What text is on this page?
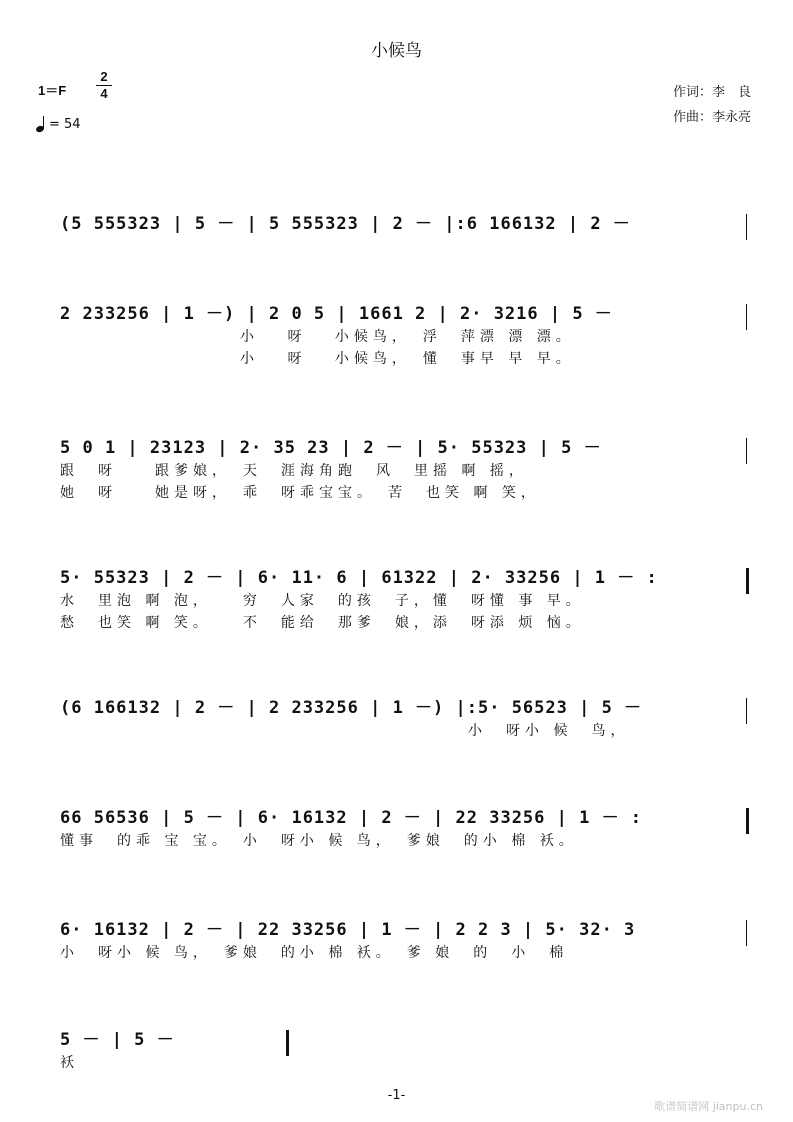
小候鸟
1＝F
2
4
= 54
作词：李　良
作曲：李永亮
(5 555323 | 5 － | 5 555323 | 2 － |:6 166132 | 2 －
2 233256 | 1 －) | 2 0 5 | 1661 2 | 2· 3216 | 5 －
小　 呀　 小候鸟，　浮　萍漂 漂 漂。
小　 呀　 小候鸟，　懂　事早 早 早。
5 0 1 | 23123 | 2· 35 23 | 2 － | 5· 55323 | 5 －
跟　呀　　跟爹娘，　天　涯海角跑　风　里摇 啊 摇，
她　呀　　她是呀，　乖　呀乖宝宝。　苦　也笑 啊 笑，
5· 55323 | 2 － | 6· 11· 6 | 61322 | 2· 33256 | 1 － :
水　里泡 啊 泡，　　穷　人家　的孩　子，懂　呀懂 事 早。
愁　也笑 啊 笑。　　不　能给　那爹　娘，添　呀添 烦 恼。
(6 166132 | 2 － | 2 233256 | 1 －) |:5· 56523 | 5 －
小　呀小 候　鸟，
66 56536 | 5 － | 6· 16132 | 2 － | 22 33256 | 1 － :
懂事　的乖 宝 宝。　小　呀小 候 鸟，　爹娘　的小 棉 袄。
6· 16132 | 2 － | 22 33256 | 1 － | 2 2 3 | 5· 32· 3
小　呀小 候 鸟，　爹娘　的小 棉 袄。　爹 娘　的　小　棉
5 － | 5 －
袄
-1-
歌谱简谱网 jianpu.cn
